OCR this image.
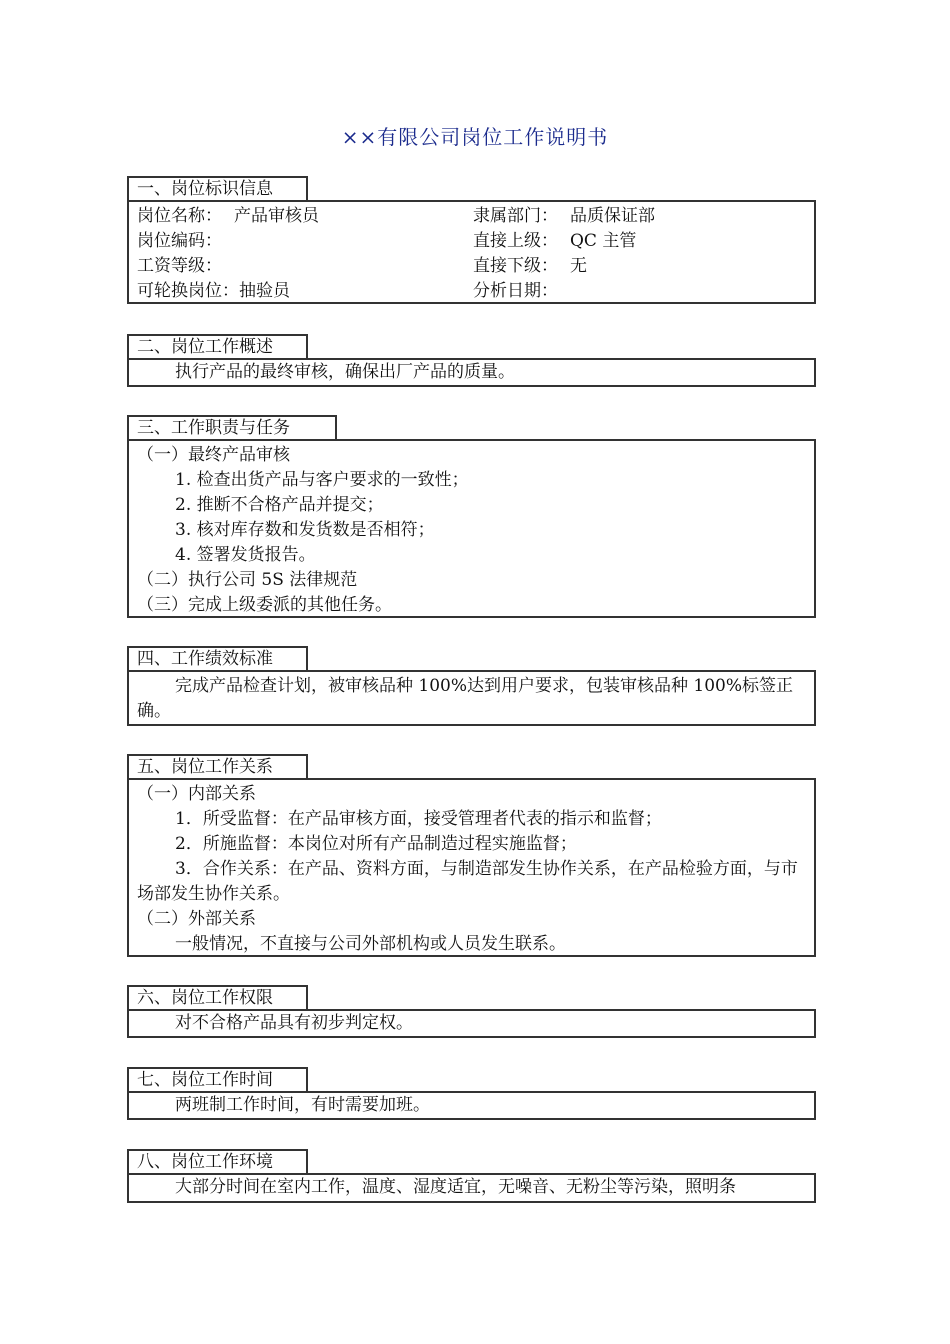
××有限公司岗位工作说明书
一、岗位标识信息
岗位名称： 产品审核员	隶属部门： 品质保证部
岗位编码：	直接上级： QC 主管
工资等级：	直接下级： 无
可轮换岗位：抽验员	分析日期：
二、岗位工作概述
执行产品的最终审核，确保出厂产品的质量。
三、工作职责与任务
（一）最终产品审核
1. 检查出货产品与客户要求的一致性；
2. 推断不合格产品并提交；
3. 核对库存数和发货数是否相符；
4. 签署发货报告。
（二）执行公司 5S 法律规范
（三）完成上级委派的其他任务。
四、工作绩效标准
完成产品检查计划，被审核品种 100%达到用户要求，包装审核品种 100%标签正确。
五、岗位工作关系
（一）内部关系
1．所受监督：在产品审核方面，接受管理者代表的指示和监督；
2．所施监督：本岗位对所有产品制造过程实施监督；
3．合作关系：在产品、资料方面，与制造部发生协作关系，在产品检验方面，与市场部发生协作关系。
（二）外部关系
一般情况，不直接与公司外部机构或人员发生联系。
六、岗位工作权限
对不合格产品具有初步判定权。
七、岗位工作时间
两班制工作时间，有时需要加班。
八、岗位工作环境
大部分时间在室内工作，温度、湿度适宜，无噪音、无粉尘等污染，照明条
